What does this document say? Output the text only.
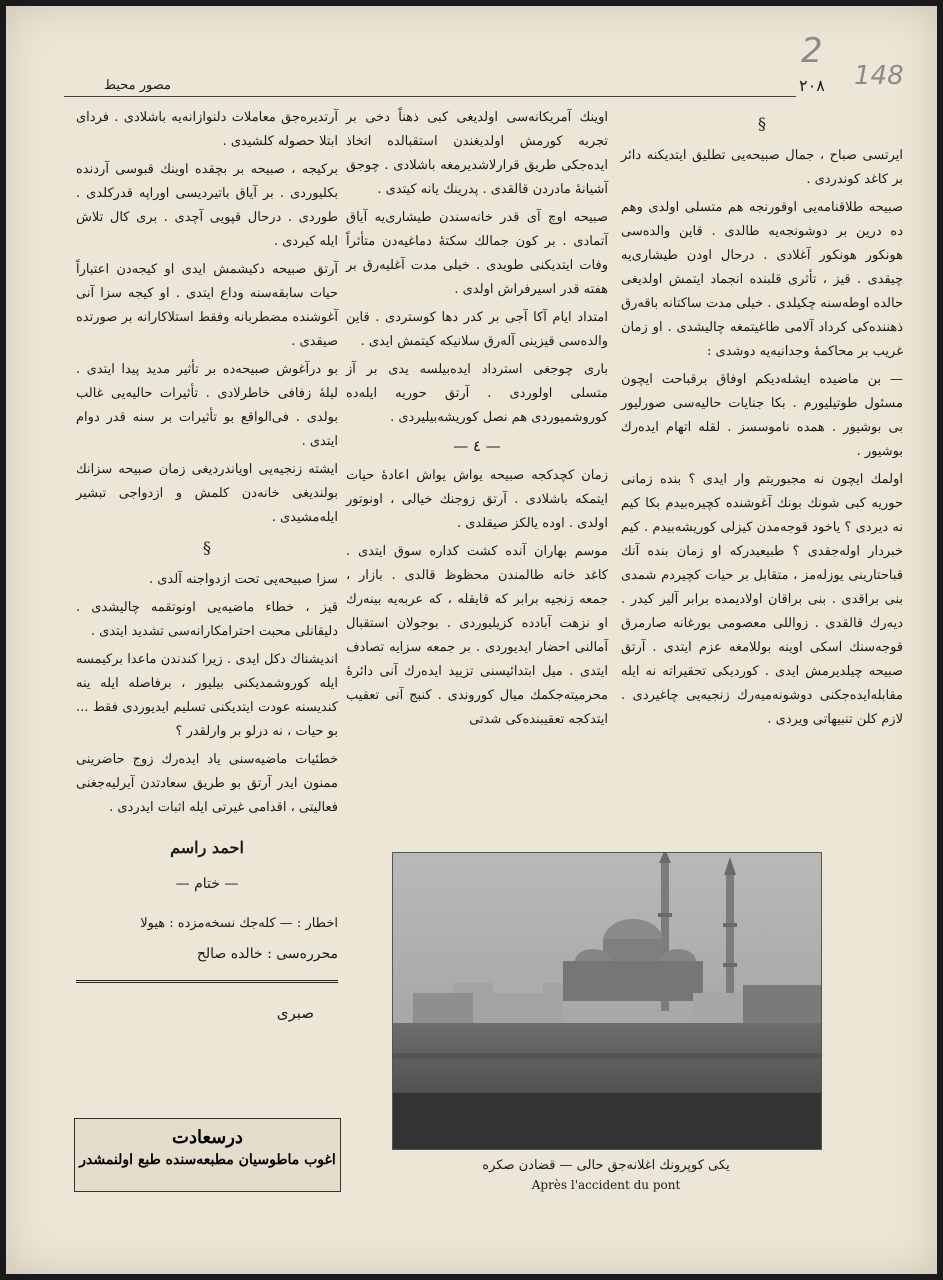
2
148
۲۰۸
مصور محیط
§

ایرتسی صباح ، جمال صبیحه‌یی تطلیق ایتدیکنه دائر بر کاغد کوندردی .

صبیحه طلاقنامه‌یی اوقورنجه هم متسلی اولدی وهم ده درین بر دوشونجه‌یه طالدی . قاین والده‌سی هونکور هونکور آغلادی . درحال اودن طیشاری‌یه چیقدی . قیز ، تأثری قلبنده انجماد ایتمش اولدیغی حالده اوطه‌سنه چکیلدی . خیلی مدت ساکتانه باقه‌رق ذهننده‌کی کرداد آلامی طاغیتمغه چالیشدی . او زمان غریب بر محاکمهٔ وجدانیه‌یه دوشدی :

— بن ماضیده ایشله‌دیکم اوفاق برقباحت ایچون مسئول طوتیلیورم . بکا جنایات حالیه‌سی صورلیور بی بوشیور . همده ناموسسز . لقله اتهام ایده‌رك بوشیور .

اولمك ایچون نه مجبوریتم وار ایدی ؟ بنده زمانی حوریه کبی شونك بونك آغوشنده کچیره‌بیدم بکا کیم نه دیردی ؟ یاخود قوجه‌مدن کیزلی کوریشه‌بیدم . کیم خبردار اوله‌جقدی ؟ طبیعیدرکه او زمان بنده آنك قباحتارینی یوزله‌مز ، متقابل بر حیات کچیردم شمدی بنی براقدی . بنی براقان اولادیمده برابر آلیر کیدر . دیه‌رك قالقدی . زواللی معصومی بورغانه صارمرق قوجه‌سنك اسکی اوینه بوللامغه عزم ایتدی . آرتق صبیحه چیلدیرمش ایدی . کوردیکی تحقیراته نه ایله مقابله‌ایده‌جکنی دوشونه‌میه‌رك زنجیه‌یی چاغیردی . لازم کلن تنبیهاتی ویردی .

اوینك آمریکانه‌سی اولدیغی کبی ذهناً دخی بر تجربه کورمش اولدیغندن استقبالده اتخاذ ایده‌جکی طریق قرارلاشدیرمغه باشلادی . چوجق آشیانهٔ مادردن قالقدی . پدرینك یانه کیتدی .

صبیحه اوچ آی قدر خانه‌سندن طیشاری‌یه آیاق آتمادی . بر کون جمالك سکتهٔ دماغیه‌دن متأثراً وفات ایتدیکنی طویدی . خیلی مدت آغلیه‌رق بر هفته قدر اسیرفراش اولدی .

امتداد ایام آکا آجی بر کدر دها کوستردی . قاین والده‌سی قیزینی آله‌رق سلانیکه کیتمش ایدی .

باری چوجغی استرداد ایده‌بیلسه یدی بر آز متسلی اولوردی . آرتق حوریه ایله‌ده کوروشمیوردی هم نصل کوریشه‌بیلیردی .

— ٤ —

زمان کچدکجه صبیحه یواش یواش اعادهٔ حیات ایتمکه باشلادی . آرتق زوجنك خیالی ، اونوتور اولدی . اوده یالکز صیقلدی .

موسم بهاران آنده کشت کداره سوق ایتدی . کاغد خانه طالمندن محظوظ قالدی . بازار ، جمعه زنجیه برابر که قایقله ، که عربه‌یه بینه‌رك او نزهت آبادده کزیلیوردی . بوجولان استقبال آمالنی احضار ایدیوردی . بر جمعه سزایه تصادف ایتدی . میل ابتدائیسنی تزیید ایده‌رك آنی دائرهٔ محرمیته‌جکمك میال کوروندی . کنبج آنی تعقیب ایتدکجه تعقیبنده‌کی شدتی

آرتدیره‌جق معاملات دلنوازانه‌یه باشلادی . فردای ابتلا حصوله کلشیدی .

برکیجه ، صبیحه بر بچقده اوینك قبوسی آردنده بکلیوردی . بر آیاق باتیردیسی اوراپه قدرکلدی . طوردی . درحال قپویی آچدی . بری کال تلاش ایله کیردی .

آرتق صبیحه دکیشمش ایدی او کیجه‌دن اعتباراً حیات سابقه‌سنه وداع ایتدی . او کیجه سزا آنی آغوشنده مضطربانه وفقط استلاکارانه بر صورتده صیقدی .

بو درآغوش صبیحه‌ده بر تأثیر مدید پیدا ایتدی . لیلهٔ زفافی خاطرلادی . تأثیرات حالیه‌یی غالب بولدی . فی‌الواقع بو تأثیرات بر سنه قدر دوام ایتدی .

ایشته زنجیه‌یی اویاندردیغی زمان صبیحه سزانك بولندیغی خانه‌دن کلمش و ازدواجی تبشیر ایله‌مشیدی .

§

سزا صبیحه‌یی تحت ازدواجنه آلدی .

قیز ، خطاء ماضیه‌یی اونوتقمه چالیشدی . دلیقانلی محبت احترامکارانه‌سی تشدید ایتدی .

اندیشناك دکل ایدی . زیرا کندندن ماعدا برکیمسه ایله کوروشمدیکنی بیلیور ، برفاصله ایله ینه کندیسنه عودت ایتدیکنی تسلیم ایدیوردی فقط ... بو حیات ، نه درلو بر وارلقدر ؟

خطئیات ماضیه‌سنی یاد ایده‌رك زوج حاضرینی ممنون ایدر آرتق بو طریق سعادتدن آیرلیه‌جغنی فعالیتی ، اقدامی غیرتی ایله اثبات ایدردی .

احمد راسم
— ختام —
اخطار : — کله‌جك نسخه‌مزده : هیولا
محرره‌سی : خالده صالح
صبری
درسعادت
اغوب ماطوسیان مطبعه‌سنده طبع اولنمشدر	یکی کوپرونك اغلانه‌جق حالی — قضادن صکره
Après l'accident du pont
